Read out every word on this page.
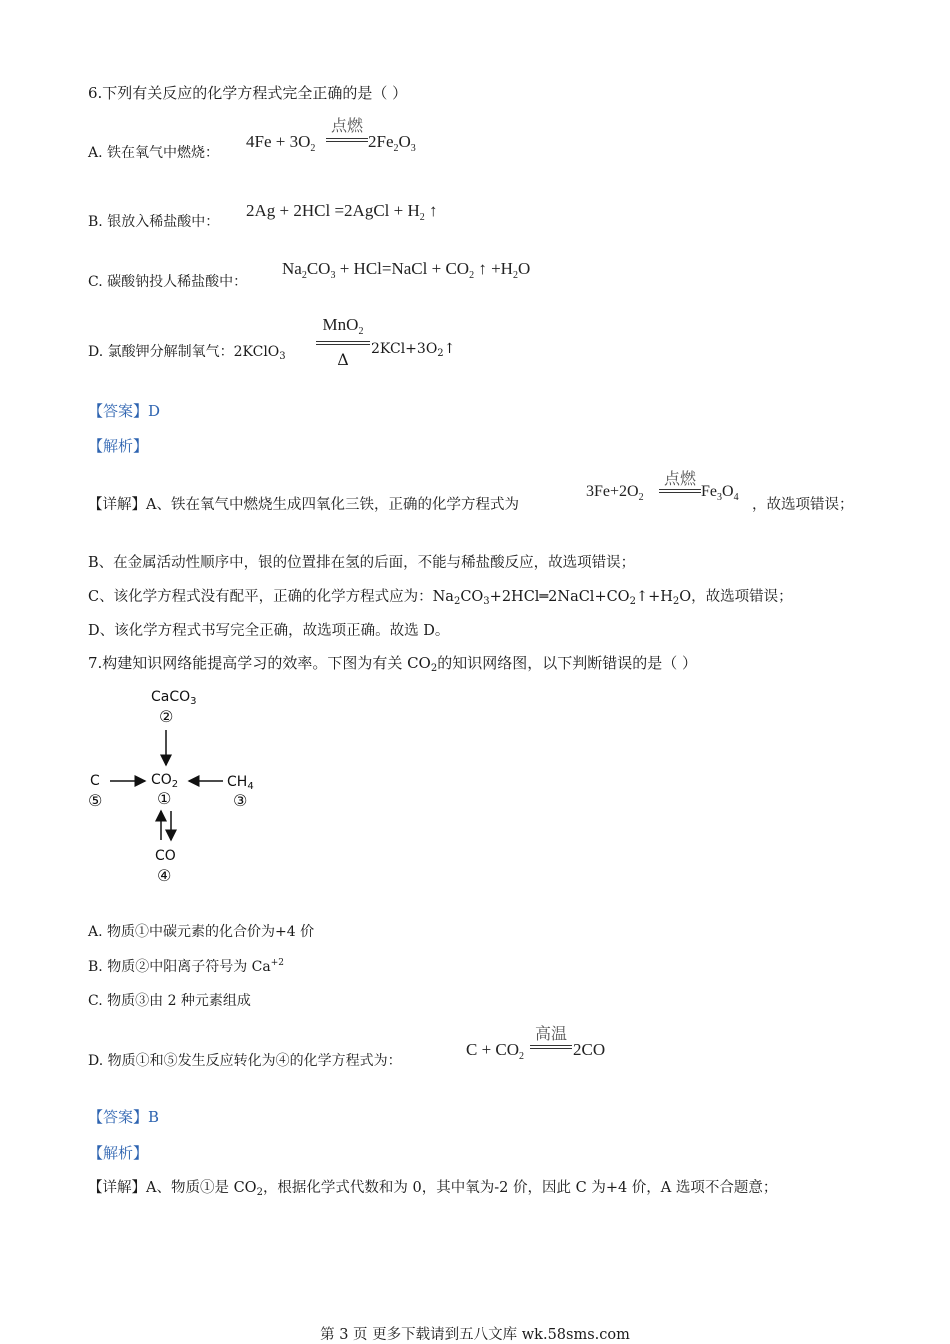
6.下列有关反应的化学方程式完全正确的是（ ）
A. 铁在氧气中燃烧：
$4Fe + 3O_2$
点燃
$2Fe_2O_3$
B. 银放入稀盐酸中：
2Ag + 2HCl =2AgCl + $H_2$ ↑
C. 碳酸钠投人稀盐酸中：
$Na_2CO_3$ + HCl=NaCl + $CO_2$ ↑ $+H_2O$
D. 氯酸钾分解制氧气：2KClO$_3$
MnO$_2$
Δ
$2KCl+3O_2↑$
【答案】D
【解析】
【详解】A、铁在氧气中燃烧生成四氧化三铁，正确的化学方程式为
$3Fe+2O_2$
点燃
$Fe_3O_4$ ，故选项错误；
B、在金属活动性顺序中，银的位置排在氢的后面，不能与稀盐酸反应，故选项错误；
C、该化学方程式没有配平，正确的化学方程式应为：$Na_2CO_3+2HCl═2NaCl+CO_2↑+H_2O$，故选项错误；
D、该化学方程式书写完全正确，故选项正确。故选 D。
7.构建知识网络能提高学习的效率。下图为有关 $CO_2$的知识网络图，以下判断错误的是（ ）
CaCO$_3$
②
C
⑤
$CO_2$
①
$CH_4$
③
CO
④
A. 物质①中碳元素的化合价为+4 价
B. 物质②中阳离子符号为 $Ca^{+2}$
C. 物质③由 2 种元素组成
D. 物质①和⑤发生反应转化为④的化学方程式为：
$C + CO_2$
高温
2CO
【答案】B
【解析】
【详解】A、物质①是 $CO_2$，根据化学式代数和为 0，其中氧为-2 价，因此 C 为+4 价，A 选项不合题意；
第 3 页 更多下载请到五八文库 wk.58sms.com
